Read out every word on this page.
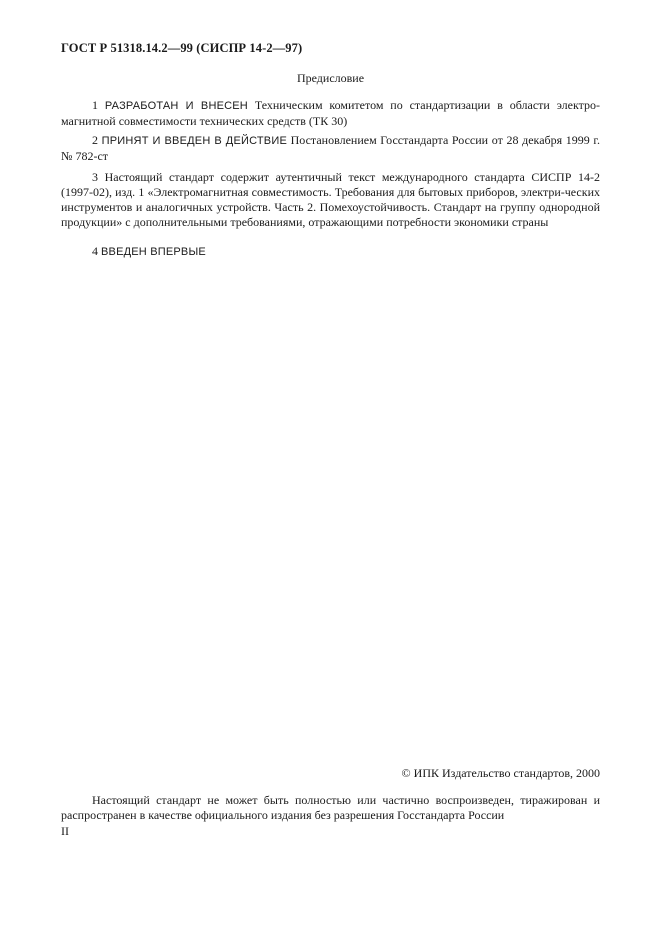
ГОСТ Р 51318.14.2—99 (СИСПР 14-2—97)
Предисловие
1 РАЗРАБОТАН И ВНЕСЕН Техническим комитетом по стандартизации в области электро-магнитной совместимости технических средств (ТК 30)
2 ПРИНЯТ И ВВЕДЕН В ДЕЙСТВИЕ Постановлением Госстандарта России от 28 декабря 1999 г. № 782-ст
3 Настоящий стандарт содержит аутентичный текст международного стандарта СИСПР 14-2 (1997-02), изд. 1 «Электромагнитная совместимость. Требования для бытовых приборов, электри-ческих инструментов и аналогичных устройств. Часть 2. Помехоустойчивость. Стандарт на группу однородной продукции» с дополнительными требованиями, отражающими потребности экономики страны
4 ВВЕДЕН ВПЕРВЫЕ
© ИПК Издательство стандартов, 2000
Настоящий стандарт не может быть полностью или частично воспроизведен, тиражирован и распространен в качестве официального издания без разрешения Госстандарта России
II
